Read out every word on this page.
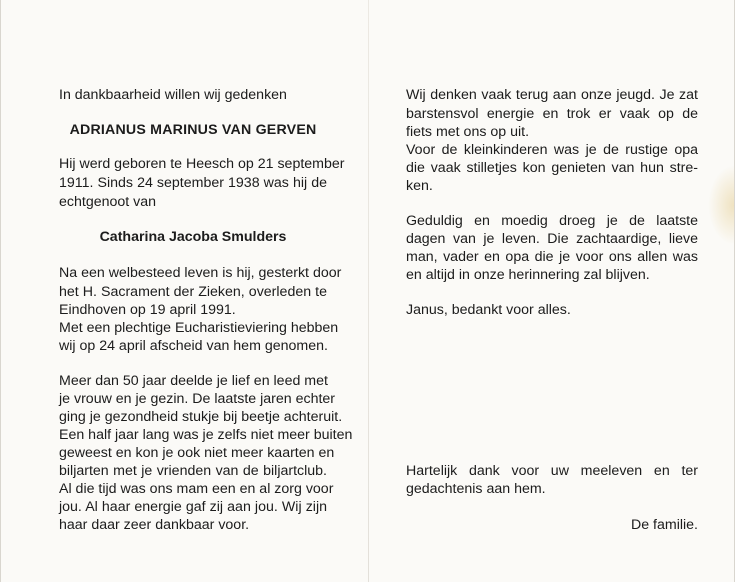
In dankbaarheid willen wij gedenken
ADRIANUS MARINUS VAN GERVEN
Hij werd geboren te Heesch op 21 september
1911. Sinds 24 september 1938 was hij de
echtgenoot van
Catharina Jacoba Smulders
Na een welbesteed leven is hij, gesterkt door
het H. Sacrament der Zieken, overleden te
Eindhoven op 19 april 1991.
Met een plechtige Eucharistieviering hebben
wij op 24 april afscheid van hem genomen.
Meer dan 50 jaar deelde je lief en leed met
je vrouw en je gezin. De laatste jaren echter
ging je gezondheid stukje bij beetje achteruit.
Een half jaar lang was je zelfs niet meer buiten
geweest en kon je ook niet meer kaarten en
biljarten met je vrienden van de biljartclub.
Al die tijd was ons mam een en al zorg voor
jou. Al haar energie gaf zij aan jou. Wij zijn
haar daar zeer dankbaar voor.
Wij denken vaak terug aan onze jeugd. Je zat
barstensvol energie en trok er vaak op de
fiets met ons op uit.
Voor de kleinkinderen was je de rustige opa
die vaak stilletjes kon genieten van hun stre-
ken.
Geduldig en moedig droeg je de laatste
dagen van je leven. Die zachtaardige, lieve
man, vader en opa die je voor ons allen was
en altijd in onze herinnering zal blijven.
Janus, bedankt voor alles.
Hartelijk dank voor uw meeleven en ter
gedachtenis aan hem.
De familie.
